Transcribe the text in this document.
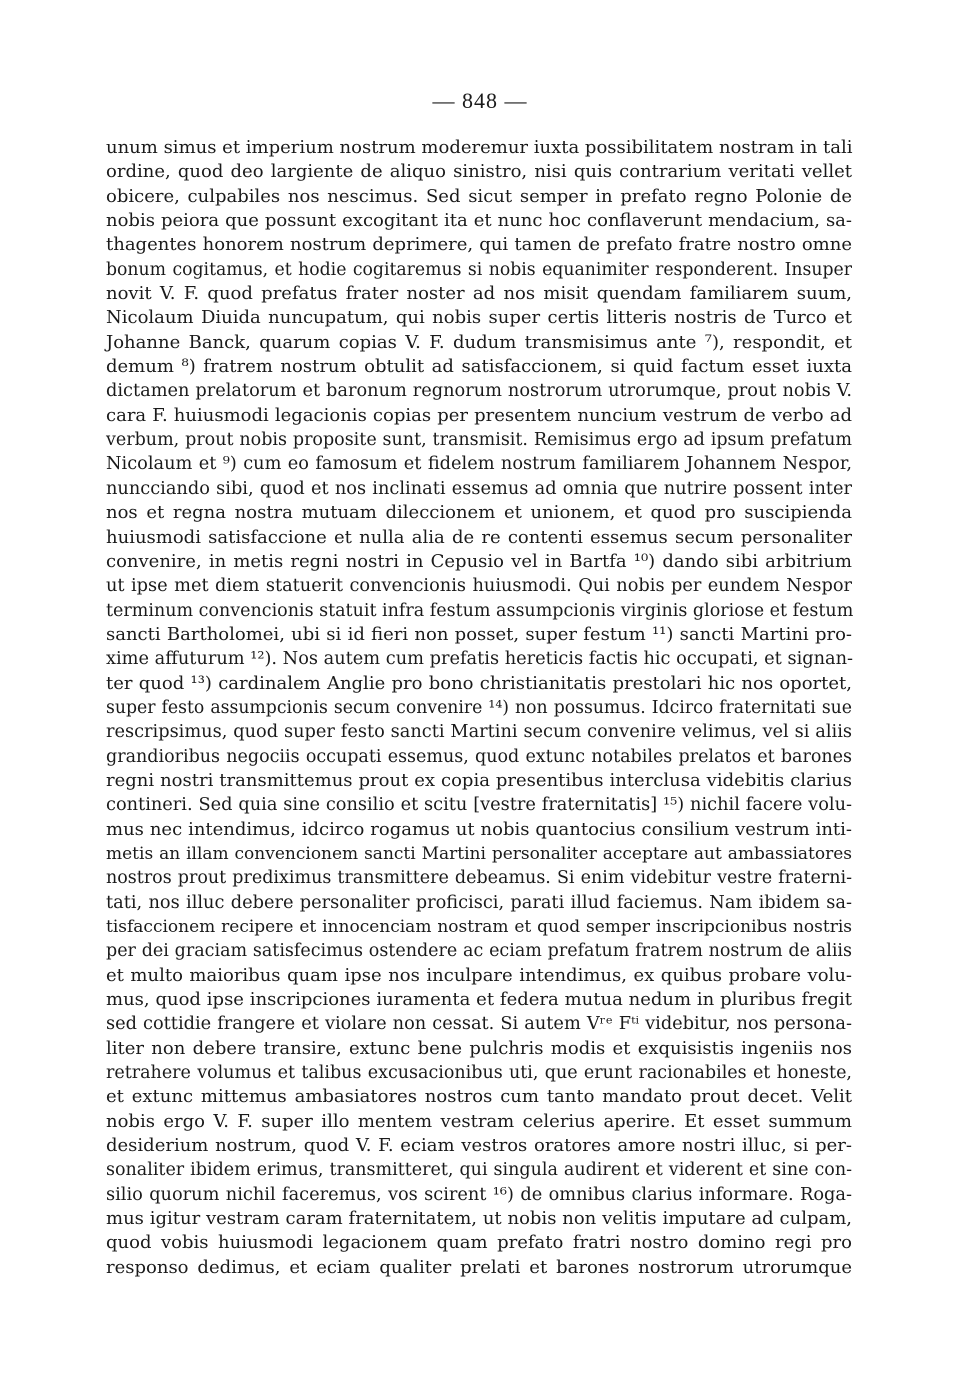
— 848 —
unum simus et imperium nostrum moderemur iuxta possibilitatem nostram in tali
ordine, quod deo largiente de aliquo sinistro, nisi quis contrarium veritati vellet
obicere, culpabiles nos nescimus. Sed sicut semper in prefato regno Polonie de
nobis peiora que possunt excogitant ita et nunc hoc conflaverunt mendacium, sa-
thagentes honorem nostrum deprimere, qui tamen de prefato fratre nostro omne
bonum cogitamus, et hodie cogitaremus si nobis equanimiter responderent. Insuper
novit V. F. quod prefatus frater noster ad nos misit quendam familiarem suum,
Nicolaum Diuida nuncupatum, qui nobis super certis litteris nostris de Turco et
Johanne Banck, quarum copias V. F. dudum transmisimus ante ⁷), respondit, et
demum ⁸) fratrem nostrum obtulit ad satisfaccionem, si quid factum esset iuxta
dictamen prelatorum et baronum regnorum nostrorum utrorumque, prout nobis V.
cara F. huiusmodi legacionis copias per presentem nuncium vestrum de verbo ad
verbum, prout nobis proposite sunt, transmisit. Remisimus ergo ad ipsum prefatum
Nicolaum et ⁹) cum eo famosum et fidelem nostrum familiarem Johannem Nespor,
nuncciando sibi, quod et nos inclinati essemus ad omnia que nutrire possent inter
nos et regna nostra mutuam dileccionem et unionem, et quod pro suscipienda
huiusmodi satisfaccione et nulla alia de re contenti essemus secum personaliter
convenire, in metis regni nostri in Cepusio vel in Bartfa ¹⁰) dando sibi arbitrium
ut ipse met diem statuerit convencionis huiusmodi. Qui nobis per eundem Nespor
terminum convencionis statuit infra festum assumpcionis virginis gloriose et festum
sancti Bartholomei, ubi si id fieri non posset, super festum ¹¹) sancti Martini pro-
xime affuturum ¹²). Nos autem cum prefatis hereticis factis hic occupati, et signan-
ter quod ¹³) cardinalem Anglie pro bono christianitatis prestolari hic nos oportet,
super festo assumpcionis secum convenire ¹⁴) non possumus. Idcirco fraternitati sue
rescripsimus, quod super festo sancti Martini secum convenire velimus, vel si aliis
grandioribus negociis occupati essemus, quod extunc notabiles prelatos et barones
regni nostri transmittemus prout ex copia presentibus interclusa videbitis clarius
contineri. Sed quia sine consilio et scitu [vestre fraternitatis] ¹⁵) nichil facere volu-
mus nec intendimus, idcirco rogamus ut nobis quantocius consilium vestrum inti-
metis an illam convencionem sancti Martini personaliter acceptare aut ambassiatores
nostros prout prediximus transmittere debeamus. Si enim videbitur vestre fraterni-
tati, nos illuc debere personaliter proficisci, parati illud faciemus. Nam ibidem sa-
tisfaccionem recipere et innocenciam nostram et quod semper inscripcionibus nostris
per dei graciam satisfecimus ostendere ac eciam prefatum fratrem nostrum de aliis
et multo maioribus quam ipse nos inculpare intendimus, ex quibus probare volu-
mus, quod ipse inscripciones iuramenta et federa mutua nedum in pluribus fregit
sed cottidie frangere et violare non cessat. Si autem Vʳᵉ Fᵗⁱ videbitur, nos persona-
liter non debere transire, extunc bene pulchris modis et exquisistis ingeniis nos
retrahere volumus et talibus excusacionibus uti, que erunt racionabiles et honeste,
et extunc mittemus ambasiatores nostros cum tanto mandato prout decet. Velit
nobis ergo V. F. super illo mentem vestram celerius aperire. Et esset summum
desiderium nostrum, quod V. F. eciam vestros oratores amore nostri illuc, si per-
sonaliter ibidem erimus, transmitteret, qui singula audirent et viderent et sine con-
silio quorum nichil faceremus, vos scirent ¹⁶) de omnibus clarius informare. Roga-
mus igitur vestram caram fraternitatem, ut nobis non velitis imputare ad culpam,
quod vobis huiusmodi legacionem quam prefato fratri nostro domino regi pro
responso dedimus, et eciam qualiter prelati et barones nostrorum utrorumque
